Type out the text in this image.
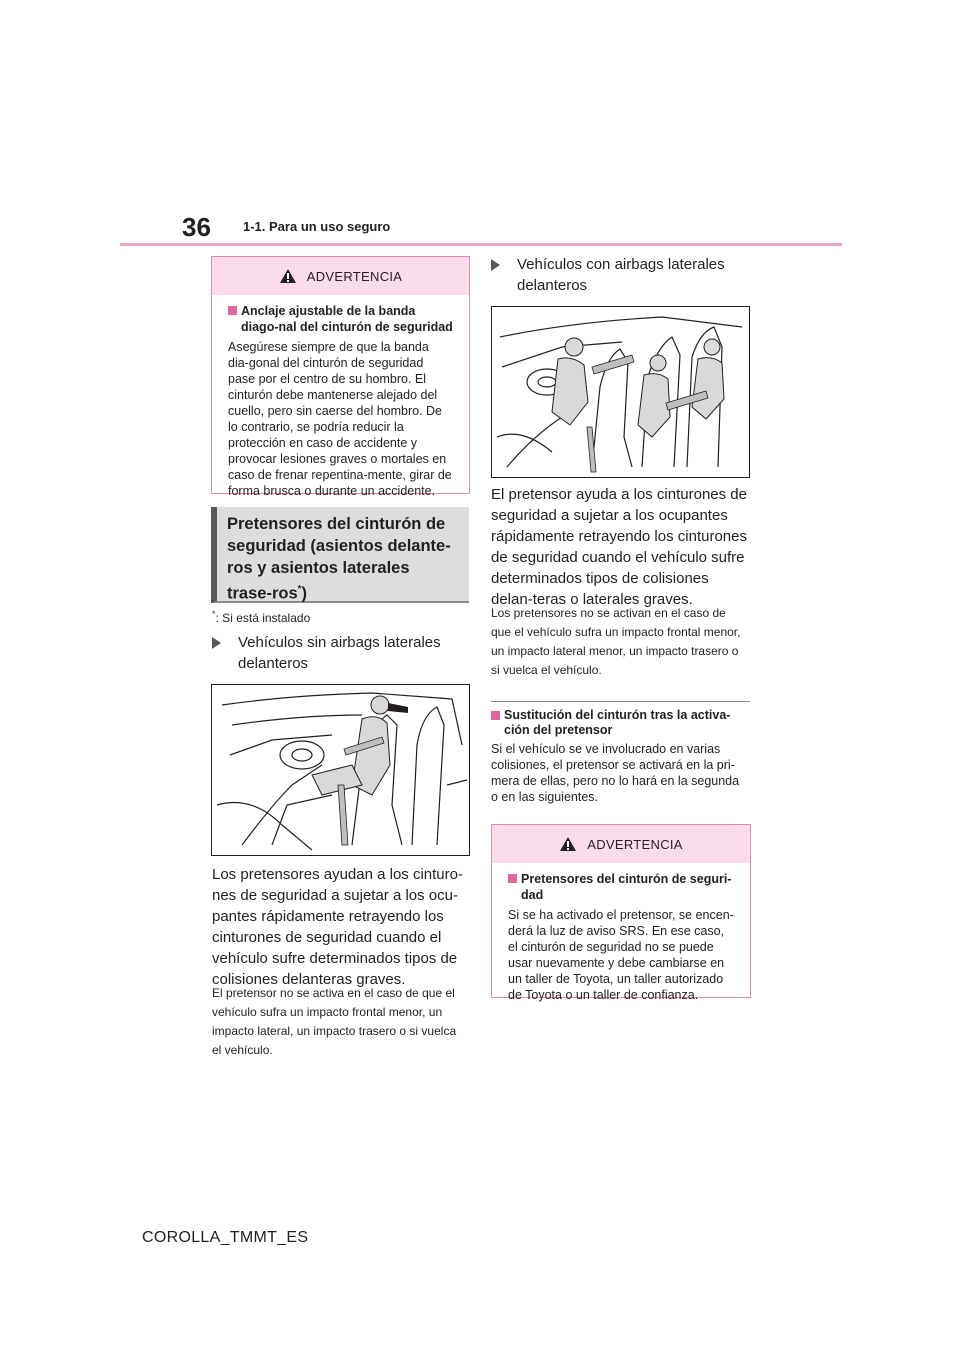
36 1-1. Para un uso seguro
ADVERTENCIA
Anclaje ajustable de la banda diago-nal del cinturón de seguridad
Asegúrese siempre de que la banda dia-gonal del cinturón de seguridad pase por el centro de su hombro. El cinturón debe mantenerse alejado del cuello, pero sin caerse del hombro. De lo contrario, se podría reducir la protección en caso de accidente y provocar lesiones graves o mortales en caso de frenar repentina-mente, girar de forma brusca o durante un accidente.
Pretensores del cinturón de seguridad (asientos delante-ros y asientos laterales trase-ros*)
*: Si está instalado
Vehículos sin airbags laterales delanteros
Los pretensores ayudan a los cinturo-nes de seguridad a sujetar a los ocu-pantes rápidamente retrayendo los cinturones de seguridad cuando el vehículo sufre determinados tipos de colisiones delanteras graves.
El pretensor no se activa en el caso de que el vehículo sufra un impacto frontal menor, un impacto lateral, un impacto trasero o si vuelca el vehículo.
Vehículos con airbags laterales delanteros
El pretensor ayuda a los cinturones de seguridad a sujetar a los ocupantes rápidamente retrayendo los cinturones de seguridad cuando el vehículo sufre determinados tipos de colisiones delan-teras o laterales graves.
Los pretensores no se activan en el caso de que el vehículo sufra un impacto frontal menor, un impacto lateral menor, un impacto trasero o si vuelca el vehículo.
Sustitución del cinturón tras la activa-ción del pretensor
Si el vehículo se ve involucrado en varias colisiones, el pretensor se activará en la pri-mera de ellas, pero no lo hará en la segunda o en las siguientes.
ADVERTENCIA
Pretensores del cinturón de seguri-dad
Si se ha activado el pretensor, se encen-derá la luz de aviso SRS. En ese caso, el cinturón de seguridad no se puede usar nuevamente y debe cambiarse en un taller de Toyota, un taller autorizado de Toyota o un taller de confianza.
COROLLA_TMMT_ES
